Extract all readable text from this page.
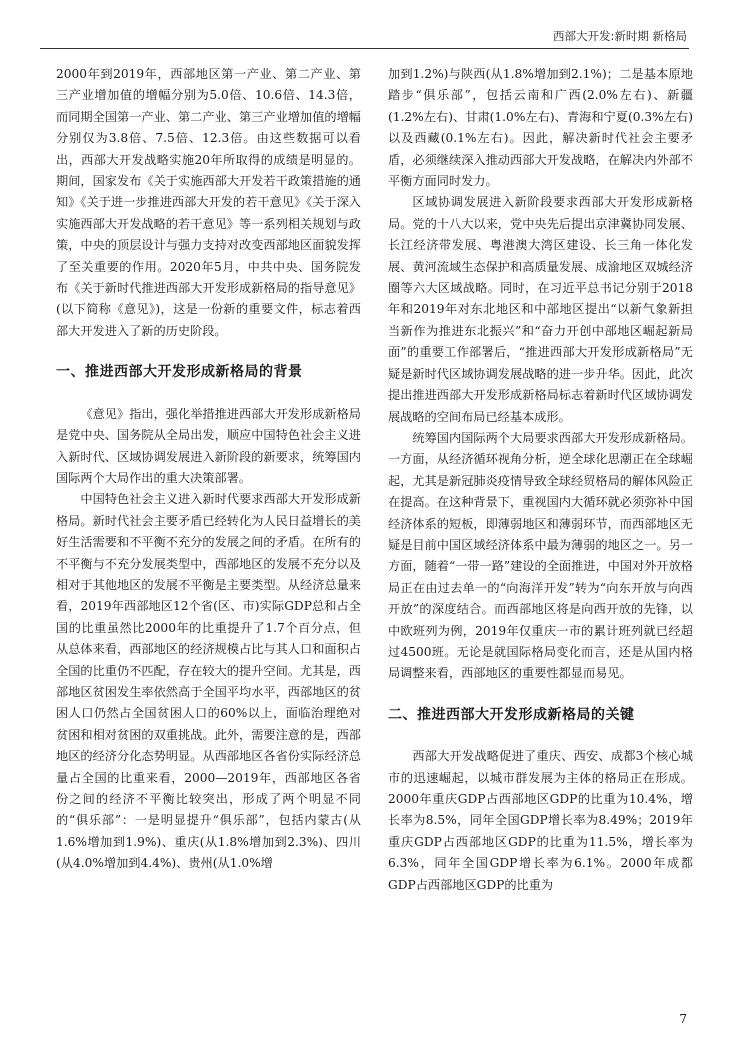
西部大开发:新时期 新格局

2000年到2019年，西部地区第一产业、第二产业、第三产业增加值的增幅分别为5.0倍、10.6倍、14.3倍，而同期全国第一产业、第二产业、第三产业增加值的增幅分别仅为3.8倍、7.5倍、12.3倍。由这些数据可以看出，西部大开发战略实施20年所取得的成绩是明显的。期间，国家发布《关于实施西部大开发若干政策措施的通知》《关于进一步推进西部大开发的若干意见》《关于深入实施西部大开发战略的若干意见》等一系列相关规划与政策，中央的顶层设计与强力支持对改变西部地区面貌发挥了至关重要的作用。2020年5月，中共中央、国务院发布《关于新时代推进西部大开发形成新格局的指导意见》(以下简称《意见》)，这是一份新的重要文件，标志着西部大开发进入了新的历史阶段。

一、推进西部大开发形成新格局的背景

《意见》指出，强化举措推进西部大开发形成新格局是党中央、国务院从全局出发，顺应中国特色社会主义进入新时代、区域协调发展进入新阶段的新要求，统筹国内国际两个大局作出的重大决策部署。

中国特色社会主义进入新时代要求西部大开发形成新格局。新时代社会主要矛盾已经转化为人民日益增长的美好生活需要和不平衡不充分的发展之间的矛盾。在所有的不平衡与不充分发展类型中，西部地区的发展不充分以及相对于其他地区的发展不平衡是主要类型。从经济总量来看，2019年西部地区12个省(区、市)实际GDP总和占全国的比重虽然比2000年的比重提升了1.7个百分点，但从总体来看，西部地区的经济规模占比与其人口和面积占全国的比重仍不匹配，存在较大的提升空间。尤其是，西部地区贫困发生率依然高于全国平均水平，西部地区的贫困人口仍然占全国贫困人口的60%以上，面临治理绝对贫困和相对贫困的双重挑战。此外，需要注意的是，西部地区的经济分化态势明显。从西部地区各省份实际经济总量占全国的比重来看，2000—2019年，西部地区各省份之间的经济不平衡比较突出，形成了两个明显不同的“俱乐部”：一是明显提升“俱乐部”，包括内蒙古(从1.6%增加到1.9%)、重庆(从1.8%增加到2.3%)、四川(从4.0%增加到4.4%)、贵州(从1.0%增

加到1.2%)与陕西(从1.8%增加到2.1%)；二是基本原地踏步“俱乐部”，包括云南和广西(2.0%左右)、新疆(1.2%左右)、甘肃(1.0%左右)、青海和宁夏(0.3%左右)以及西藏(0.1%左右)。因此，解决新时代社会主要矛盾，必须继续深入推动西部大开发战略，在解决内外部不平衡方面同时发力。

区域协调发展进入新阶段要求西部大开发形成新格局。党的十八大以来，党中央先后提出京津冀协同发展、长江经济带发展、粤港澳大湾区建设、长三角一体化发展、黄河流域生态保护和高质量发展、成渝地区双城经济圈等六大区域战略。同时，在习近平总书记分别于2018年和2019年对东北地区和中部地区提出“以新气象新担当新作为推进东北振兴”和“奋力开创中部地区崛起新局面”的重要工作部署后，“推进西部大开发形成新格局”无疑是新时代区域协调发展战略的进一步升华。因此，此次提出推进西部大开发形成新格局标志着新时代区域协调发展战略的空间布局已经基本成形。

统筹国内国际两个大局要求西部大开发形成新格局。一方面，从经济循环视角分析，逆全球化思潮正在全球崛起，尤其是新冠肺炎疫情导致全球经贸格局的解体风险正在提高。在这种背景下，重视国内大循环就必须弥补中国经济体系的短板，即薄弱地区和薄弱环节，而西部地区无疑是目前中国区域经济体系中最为薄弱的地区之一。另一方面，随着“一带一路”建设的全面推进，中国对外开放格局正在由过去单一的“向海洋开发”转为“向东开放与向西开放”的深度结合。而西部地区将是向西开放的先锋，以中欧班列为例，2019年仅重庆一市的累计班列就已经超过4500班。无论是就国际格局变化而言，还是从国内格局调整来看，西部地区的重要性都显而易见。

二、推进西部大开发形成新格局的关键

西部大开发战略促进了重庆、西安、成都3个核心城市的迅速崛起，以城市群发展为主体的格局正在形成。2000年重庆GDP占西部地区GDP的比重为10.4%，增长率为8.5%，同年全国GDP增长率为8.49%；2019年重庆GDP占西部地区GDP的比重为11.5%，增长率为6.3%，同年全国GDP增长率为6.1%。2000年成都GDP占西部地区GDP的比重为

7
